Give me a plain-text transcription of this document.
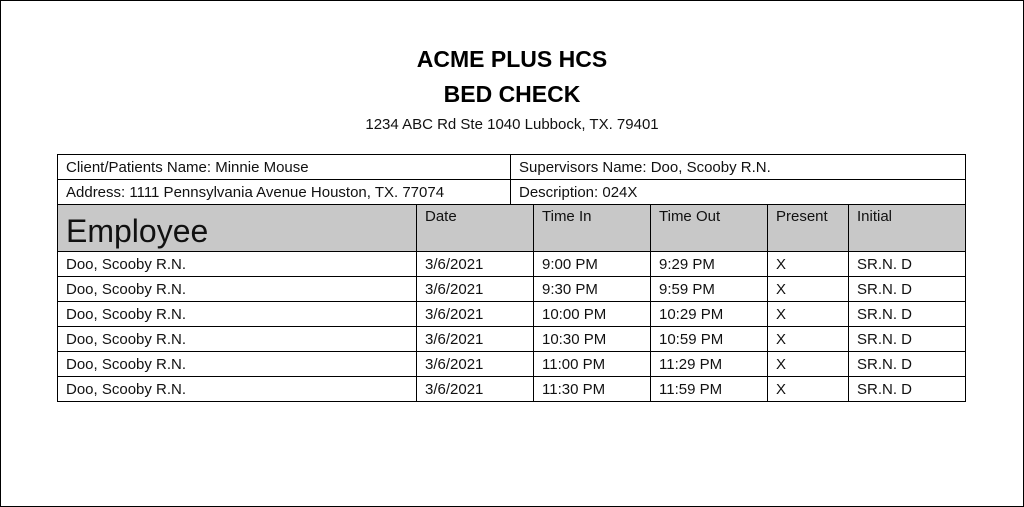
ACME PLUS HCS
BED CHECK
1234 ABC Rd Ste 1040 Lubbock, TX. 79401
Client/Patients Name: Minnie Mouse	Supervisors Name: Doo, Scooby R.N.
Address: 1111 Pennsylvania Avenue Houston, TX. 77074	Description: 024X
Employee	Date	Time In	Time Out	Present	Initial
Doo, Scooby R.N.	3/6/2021	9:00 PM	9:29 PM	X	SR.N. D
Doo, Scooby R.N.	3/6/2021	9:30 PM	9:59 PM	X	SR.N. D
Doo, Scooby R.N.	3/6/2021	10:00 PM	10:29 PM	X	SR.N. D
Doo, Scooby R.N.	3/6/2021	10:30 PM	10:59 PM	X	SR.N. D
Doo, Scooby R.N.	3/6/2021	11:00 PM	11:29 PM	X	SR.N. D
Doo, Scooby R.N.	3/6/2021	11:30 PM	11:59 PM	X	SR.N. D
